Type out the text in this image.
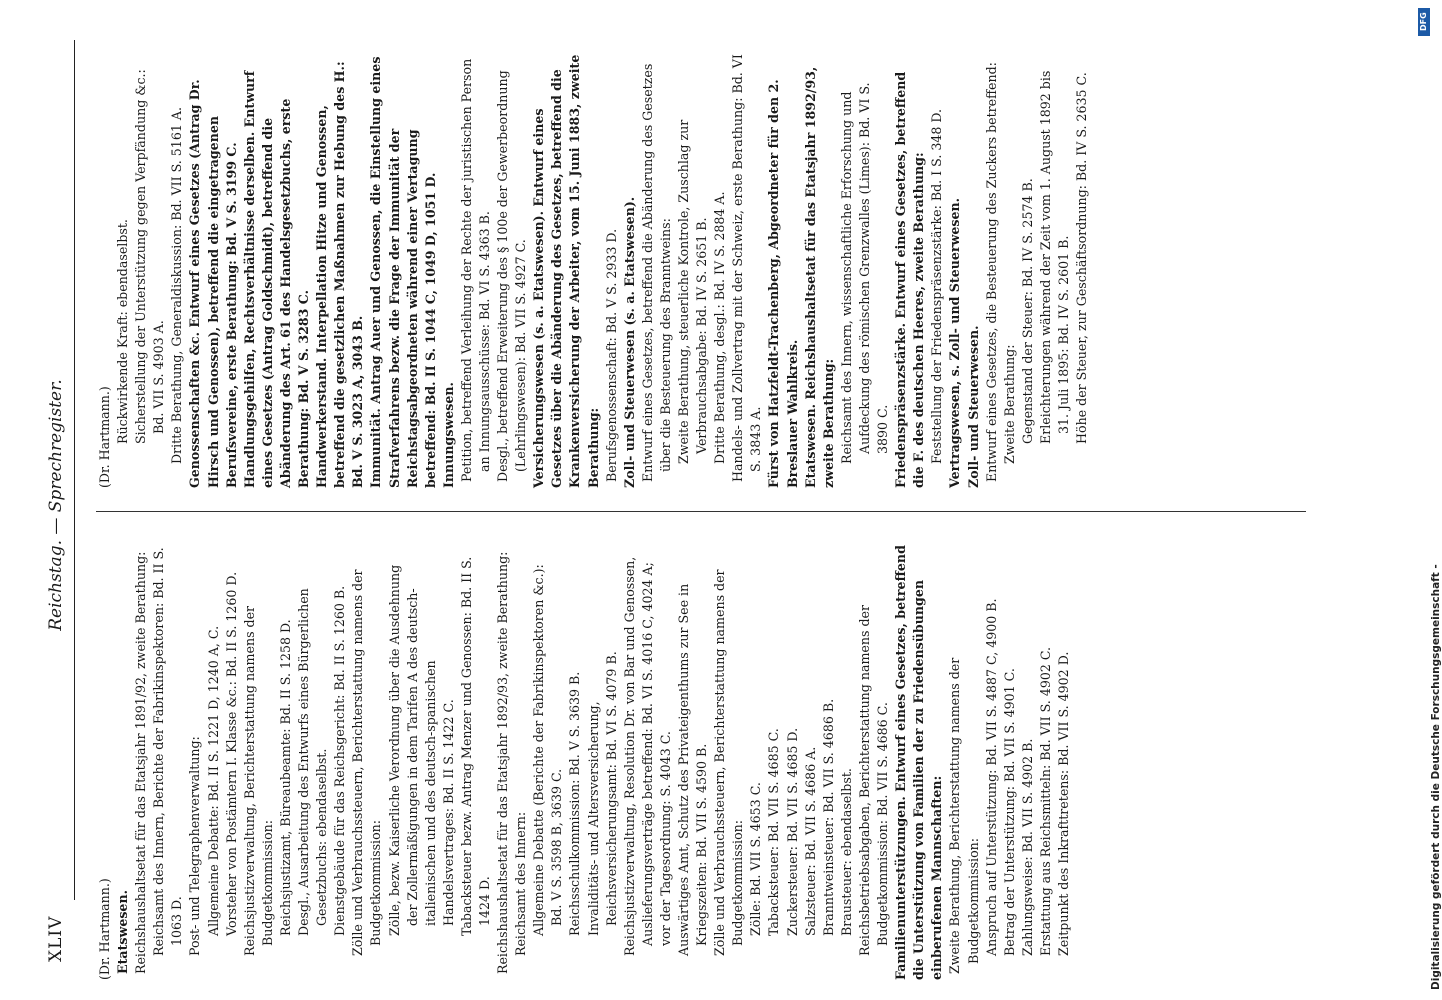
XLIV
Reichstag. — Sprechregister.

(Dr. Hartmann.) Etatswesen. Reichshaushaltsetat für das Etatsjahr 1891/92, zweite Berathung: Reichsamt des Innern, Berichte der Fabrikinspektoren: Bd. II S. 1063 D. Post- und Telegraphenverwaltung: Allgemeine Debatte: Bd. II S. 1221 D, 1240 A, C. Vorsteher von Postämtern I. Klasse &c.: Bd. II S. 1260 D. Reichsjustizverwaltung, Berichterstattung namens der Budgetkommission: Reichsjustizamt, Büreaubeamte: Bd. II S. 1258 D. Desgl., Ausarbeitung des Entwurfs eines Bürgerlichen Gesetzbuchs: ebendaselbst. Dienstgebäude für das Reichsgericht: Bd. II S. 1260 B. Zölle und Verbrauchssteuern, Berichterstattung namens der Budgetkommission: Zölle, bezw. Kaiserliche Verordnung über die Ausdehnung der Zollermäßigungen in dem Tarifen A des deutsch-italienischen und des deutsch-spanischen Handelsvertrages: Bd. II S. 1422 C. Tabacksteuer bezw. Antrag Menzer und Genossen: Bd. II S. 1424 D. Reichshaushaltsetat für das Etatsjahr 1892/93, zweite Berathung: Reichsamt des Innern: Allgemeine Debatte (Berichte der Fabrikinspektoren &c.): Bd. V S. 3598 B, 3639 C. Reichsschulkommission: Bd. V S. 3639 B. Invaliditäts- und Altersversicherung, Reichsversicherungsamt: Bd. VI S. 4079 B. Reichsjustizverwaltung, Resolution Dr. von Bar und Genossen, Auslieferungsverträge betreffend: Bd. VI S. 4016 C, 4024 A; vor der Tagesordnung: S. 4043 C. Auswärtiges Amt, Schutz des Privateigenthums zur See in Kriegszeiten: Bd. VII S. 4590 B. Zölle und Verbrauchssteuern, Berichterstattung namens der Budgetkommission: Zölle: Bd. VII S. 4653 C. Tabacksteuer: Bd. VII S. 4685 C. Zuckersteuer: Bd. VII S. 4685 D. Salzsteuer: Bd. VII S. 4686 A. Branntweinsteuer: Bd. VII S. 4686 B. Brausteuer: ebendaselbst. Reichsbetriebsabgaben, Berichterstattung namens der Budgetkommission: Bd. VII S. 4686 C. Familienunterstützungen. Entwurf eines Gesetzes, betreffend die Unterstützung von Familien der zu Friedensübungen einberufenen Mannschaften: Zweite Berathung, Berichterstattung namens der Budgetkommission: Anspruch auf Unterstützung: Bd. VII S. 4887 C, 4900 B. Betrag der Unterstützung: Bd. VII S. 4901 C. Zahlungsweise: Bd. VII S. 4902 B. Erstattung aus Reichsmitteln: Bd. VII S. 4902 C. Zeitpunkt des Inkrafttretens: Bd. VII S. 4902 D.

(Dr. Hartmann.) Rückwirkende Kraft: ebendaselbst. Sicherstellung der Unterstützung gegen Verpfändung &c.: Bd. VII S. 4903 A. Dritte Berathung, Generaldiskussion: Bd. VII S. 5161 A. Genossenschaften &c. Entwurf eines Gesetzes (Antrag Dr. Hirsch und Genossen), betreffend die eingetragenen Berufsvereine, erste Berathung: Bd. V S. 3199 C. Handlungsgehilfen, Rechtsverhältnisse derselben. Entwurf eines Gesetzes (Antrag Goldschmidt), betreffend die Abänderung des Art. 61 des Handelsgesetzbuchs, erste Berathung: Bd. V S. 3283 C. Handwerkerstand. Interpellation Hitze und Genossen, betreffend die gesetzlichen Maßnahmen zur Hebung des H.: Bd. V S. 3023 A, 3043 B. Immunität. Antrag Auer und Genossen, die Einstellung eines Strafverfahrens bezw. die Frage der Immunität der Reichstagsabgeordneten während einer Vertagung betreffend: Bd. II S. 1044 C, 1049 D, 1051 D. Innungswesen. Petition, betreffend Verleihung der Rechte der juristischen Person an Innungsausschüsse: Bd. VI S. 4363 B. Desgl., betreffend Erweiterung des § 100e der Gewerbeordnung (Lehrlingswesen): Bd. VII S. 4927 C. Versicherungswesen (s. a. Etatswesen). Entwurf eines Gesetzes über die Abänderung des Gesetzes, betreffend die Krankenversicherung der Arbeiter, vom 15. Juni 1883, zweite Berathung: Berufsgenossenschaft: Bd. V S. 2933 D. Zoll- und Steuerwesen (s. a. Etatswesen). Entwurf eines Gesetzes, betreffend die Abänderung des Gesetzes über die Besteuerung des Branntweins: Zweite Berathung, steuerliche Kontrole, Zuschlag zur Verbrauchsabgabe: Bd. IV S. 2651 B. Dritte Berathung, desgl.: Bd. IV S. 2884 A. Handels- und Zollvertrag mit der Schweiz, erste Berathung: Bd. VI S. 3843 A. Fürst von Hatzfeldt-Trachenberg, Abgeordneter für den 2. Breslauer Wahlkreis. Etatswesen. Reichshaushaltsetat für das Etatsjahr 1892/93, zweite Berathung: Reichsamt des Innern, wissenschaftliche Erforschung und Aufdeckung des römischen Grenzwalles (Limes): Bd. VI S. 3890 C. Friedenspräsenzstärke. Entwurf eines Gesetzes, betreffend die F. des deutschen Heeres, zweite Berathung: Feststellung der Friedenspräsenzstärke: Bd. I S. 348 D. Vertragswesen, s. Zoll- und Steuerwesen. Zoll- und Steuerwesen. Entwurf eines Gesetzes, die Besteuerung des Zuckers betreffend: Zweite Berathung: Gegenstand der Steuer: Bd. IV S. 2574 B. Erleichterungen während der Zeit vom 1. August 1892 bis 31. Juli 1895: Bd. IV S. 2601 B. Höhe der Steuer, zur Geschäftsordnung: Bd. IV S. 2635 C.

Digitalisierung gefördert durch die Deutsche Forschungsgemeinschaft -
DFG
